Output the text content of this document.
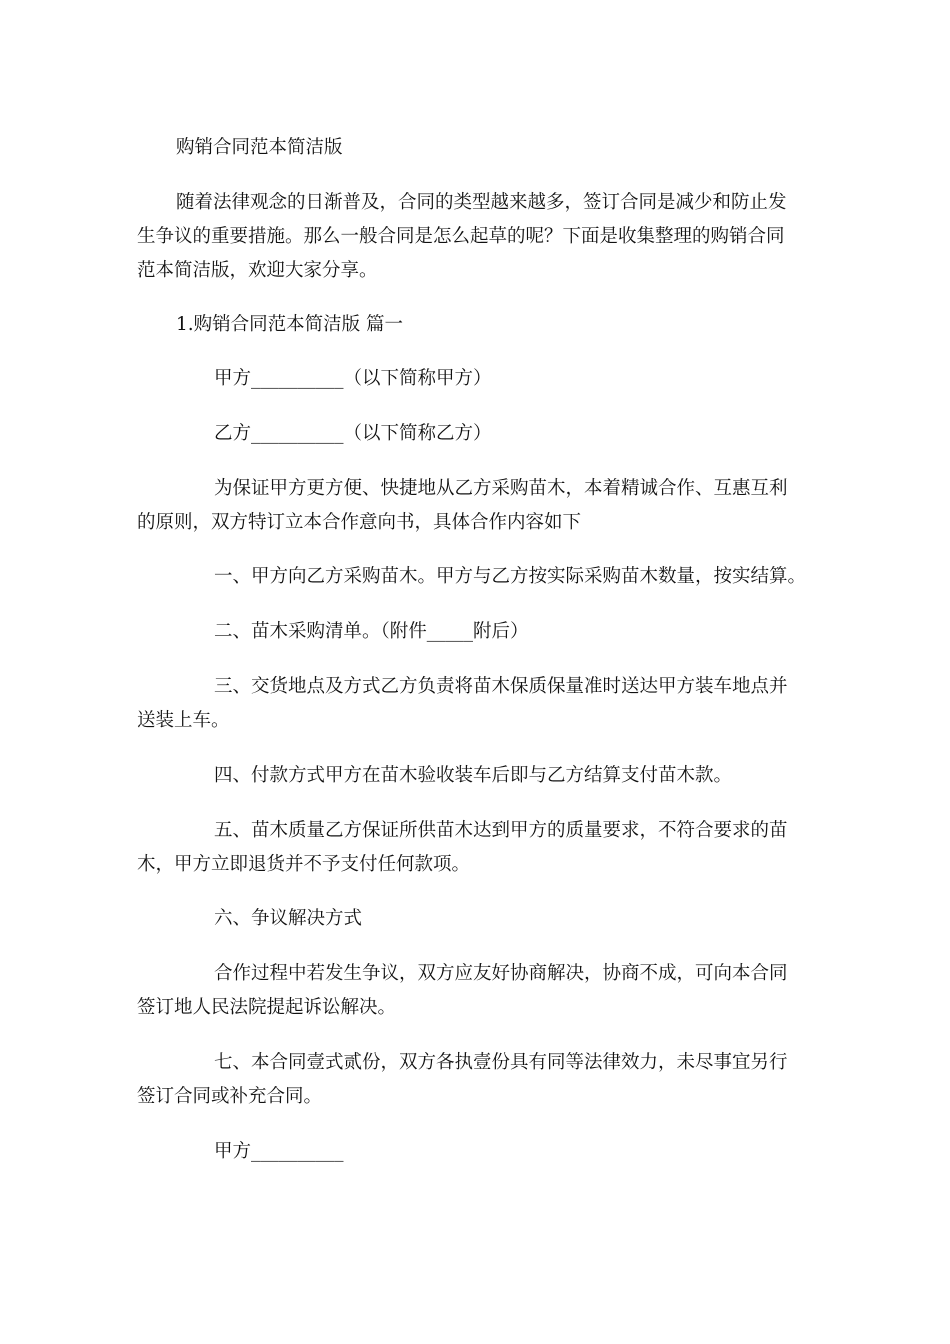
购销合同范本简洁版

随着法律观念的日渐普及，合同的类型越来越多，签订合同是减少和防止发

生争议的重要措施。那么一般合同是怎么起草的呢？下面是收集整理的购销合同

范本简洁版，欢迎大家分享。

1.购销合同范本简洁版 篇一

甲方__________（以下简称甲方）

乙方__________（以下简称乙方）

为保证甲方更方便、快捷地从乙方采购苗木，本着精诚合作、互惠互利

的原则，双方特订立本合作意向书，具体合作内容如下

一、甲方向乙方采购苗木。甲方与乙方按实际采购苗木数量，按实结算。

二、苗木采购清单。（附件_____附后）

三、交货地点及方式乙方负责将苗木保质保量准时送达甲方装车地点并

送装上车。

四、付款方式甲方在苗木验收装车后即与乙方结算支付苗木款。

五、苗木质量乙方保证所供苗木达到甲方的质量要求，不符合要求的苗

木，甲方立即退货并不予支付任何款项。

六、争议解决方式

合作过程中若发生争议，双方应友好协商解决，协商不成，可向本合同

签订地人民法院提起诉讼解决。

七、本合同壹式贰份，双方各执壹份具有同等法律效力，未尽事宜另行

签订合同或补充合同。

甲方__________
